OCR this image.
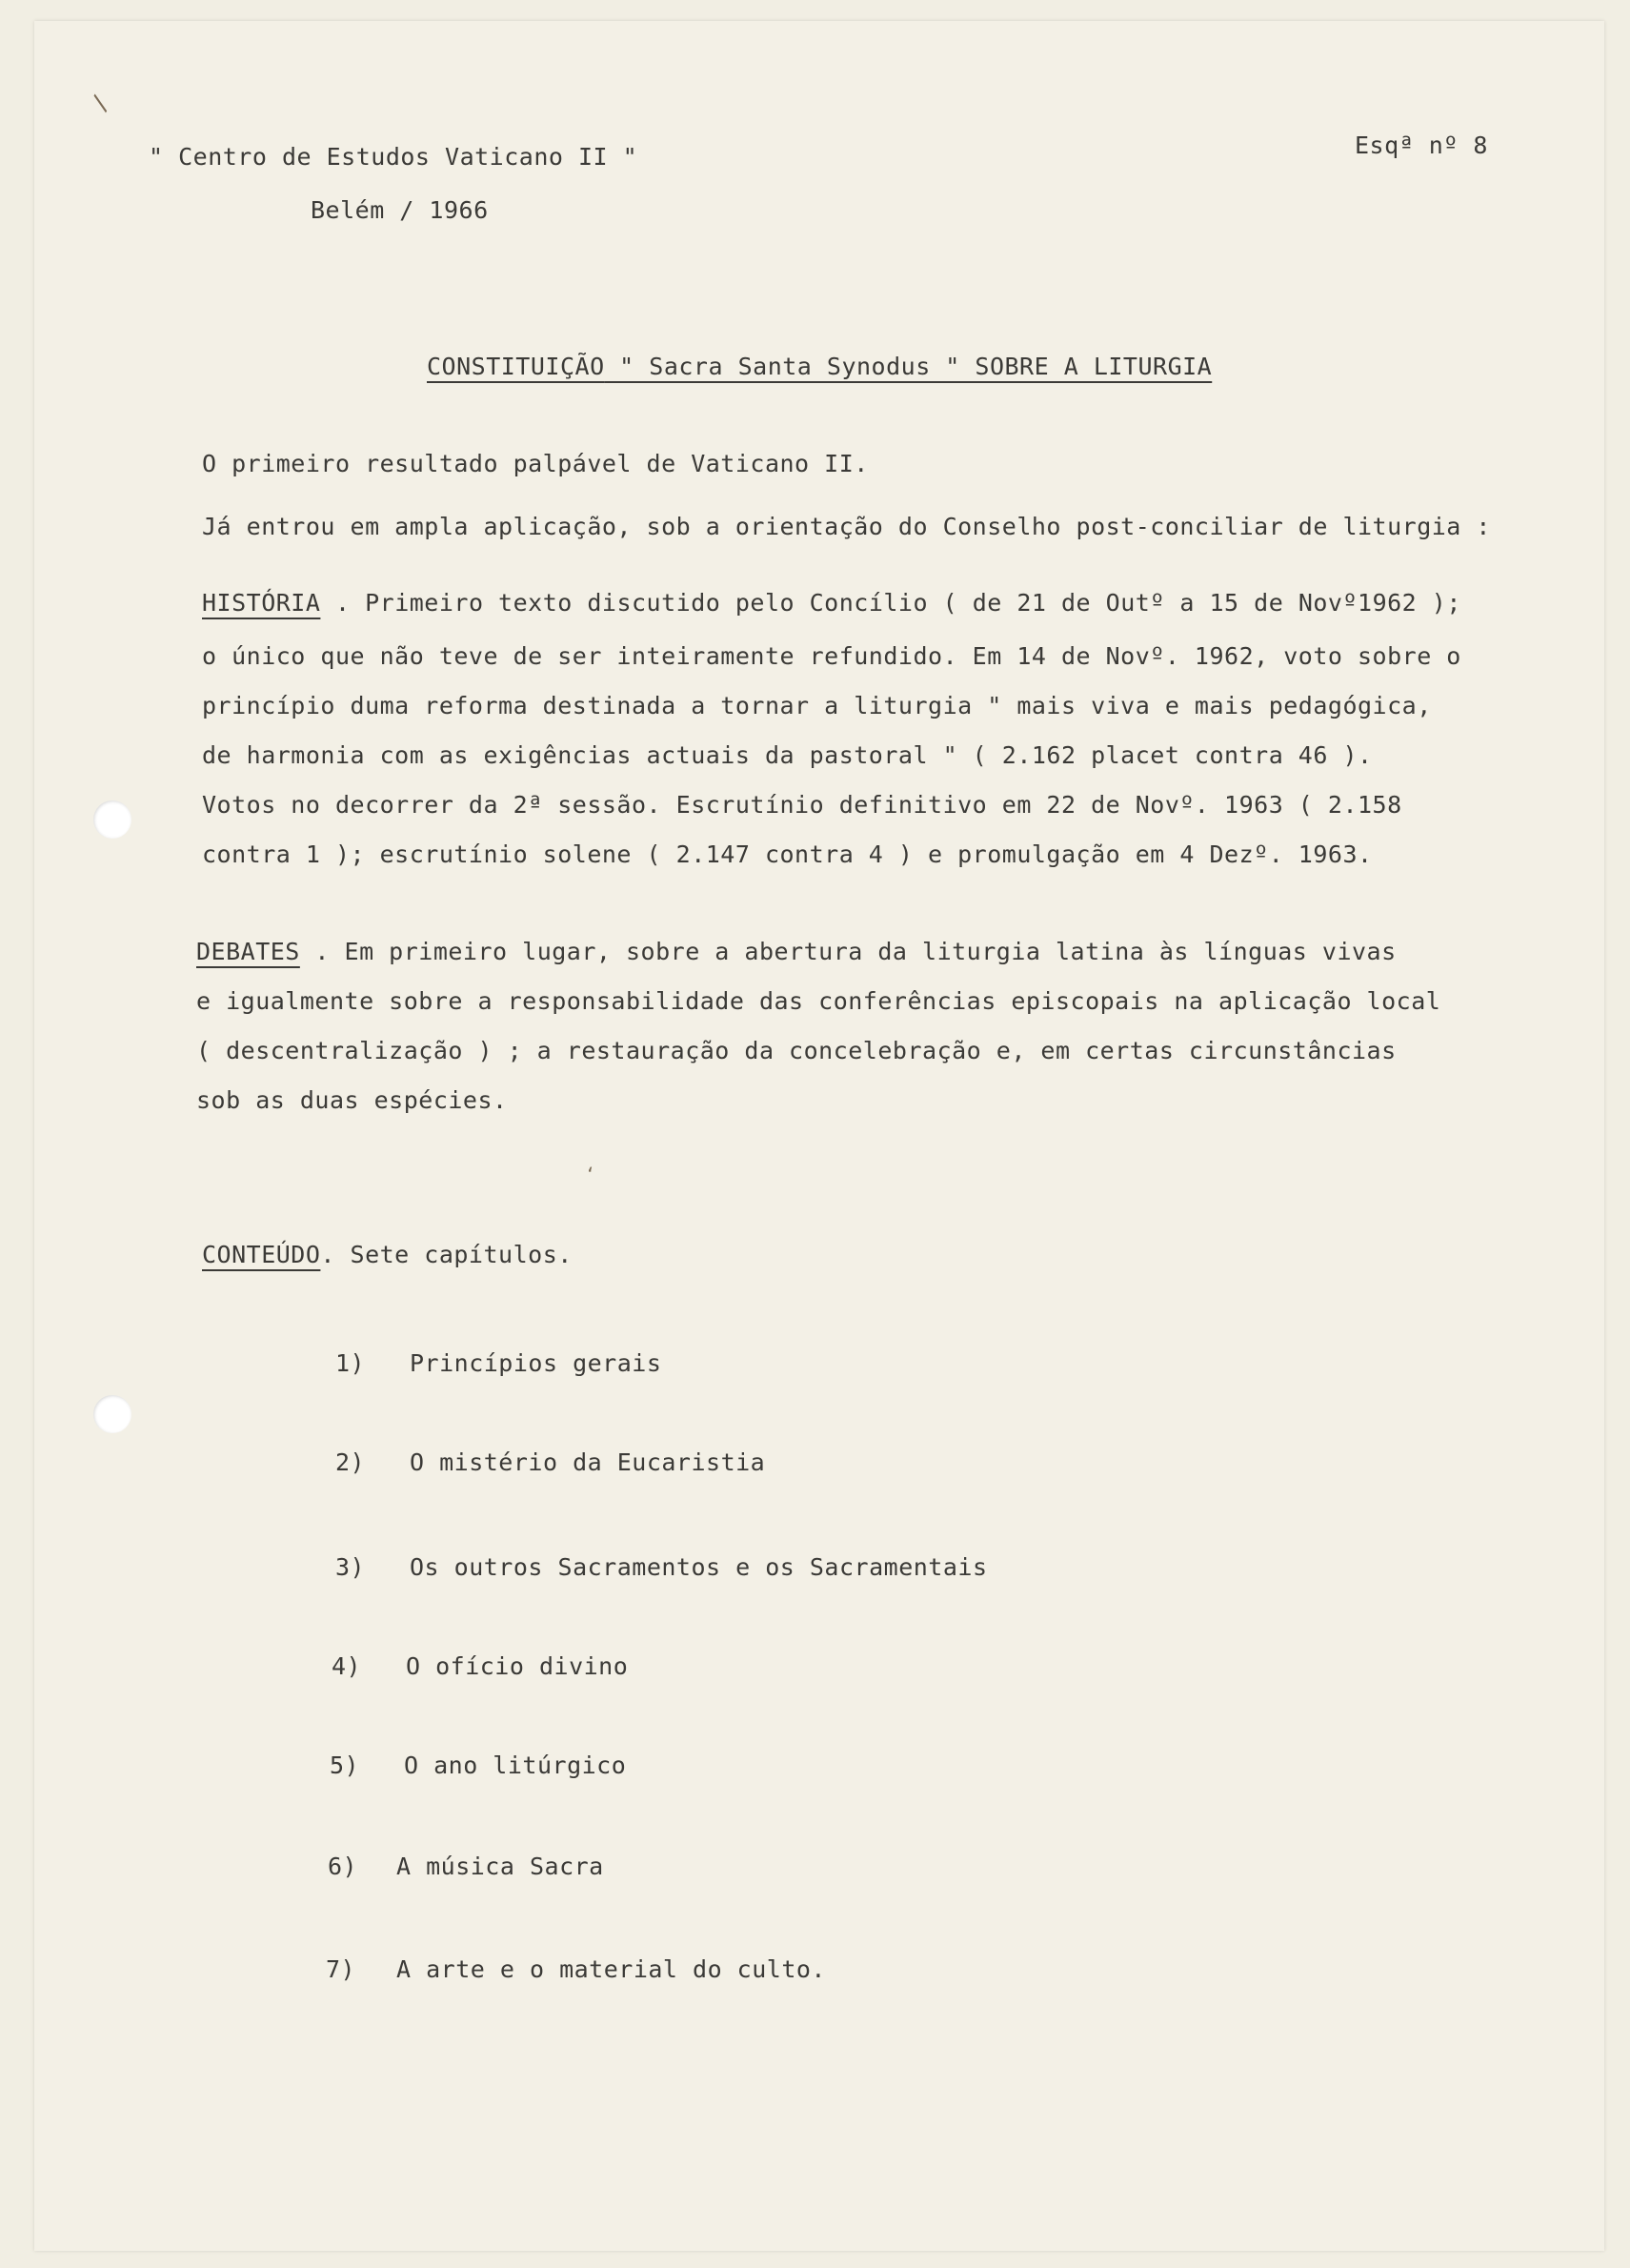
/
‘
" Centro de Estudos Vaticano II "
Belém / 1966
Esqª nº 8
CONSTITUIÇÃO " Sacra Santa Synodus " SOBRE A LITURGIA
O primeiro resultado palpável de Vaticano II.
Já entrou em ampla aplicação, sob a orientação do Conselho post-conciliar de liturgia :
HISTÓRIA . Primeiro texto discutido pelo Concílio ( de 21 de Outº a 15 de Novº1962 );
o único que não teve de ser inteiramente refundido. Em 14 de Novº. 1962, voto sobre o
princípio duma reforma destinada a tornar a liturgia " mais viva e mais pedagógica,
de harmonia com as exigências actuais da pastoral " ( 2.162 placet contra 46 ).
Votos no decorrer da 2ª sessão. Escrutínio definitivo em 22 de Novº. 1963 ( 2.158
contra 1 ); escrutínio solene ( 2.147 contra 4 ) e promulgação em 4 Dezº. 1963.
DEBATES . Em primeiro lugar, sobre a abertura da liturgia latina às línguas vivas
e igualmente sobre a responsabilidade das conferências episcopais na aplicação local
( descentralização ) ; a restauração da concelebração e, em certas circunstâncias
sob as duas espécies.
CONTEÚDO. Sete capítulos.
1) Princípios gerais
2) O mistério da Eucaristia
3) Os outros Sacramentos e os Sacramentais
4) O ofício divino
5) O ano litúrgico
6) A música Sacra
7) A arte e o material do culto.
